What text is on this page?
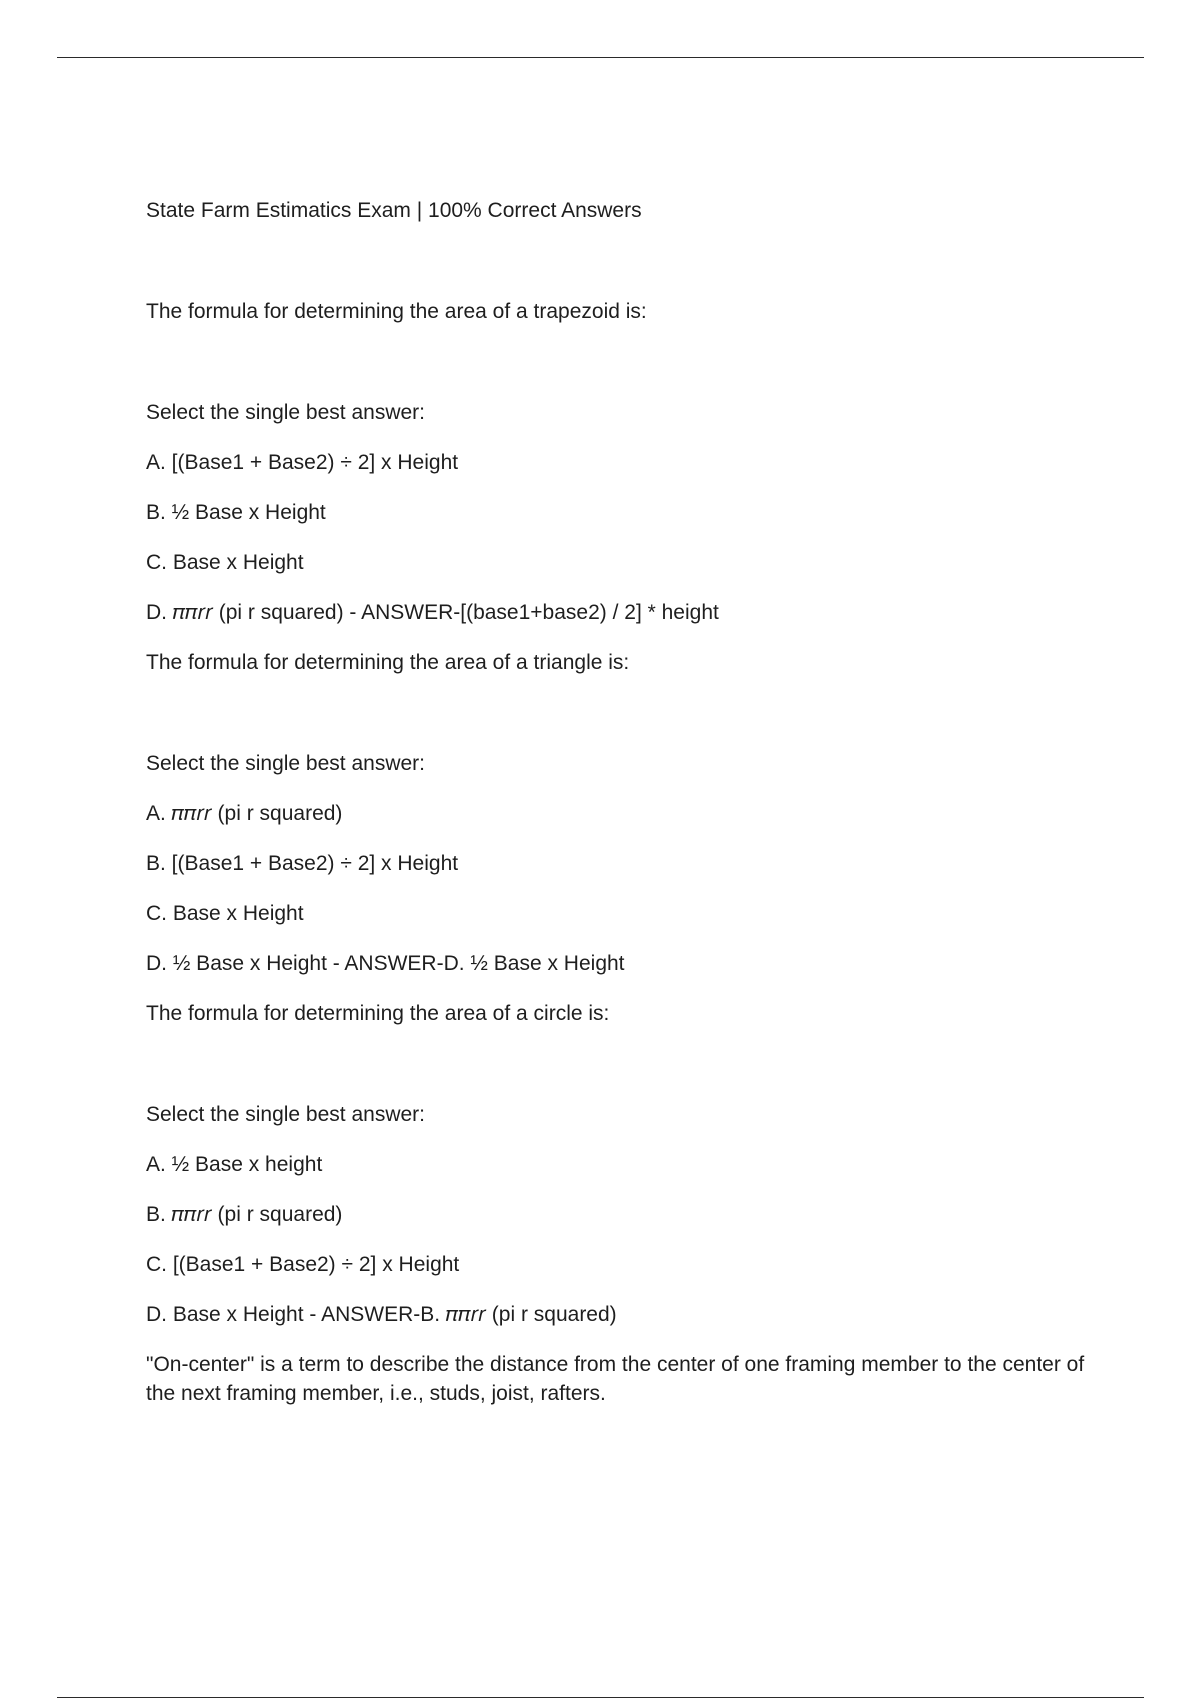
State Farm Estimatics Exam | 100% Correct Answers

The formula for determining the area of a trapezoid is:

Select the single best answer:

A. [(Base1 + Base2) ÷ 2] x Height

B. ½ Base x Height

C. Base x Height

D. 𝜋𝜋𝑟𝑟 (pi r squared) - ANSWER-[(base1+base2) / 2] * height

The formula for determining the area of a triangle is:

Select the single best answer:

A. 𝜋𝜋𝑟𝑟 (pi r squared)

B. [(Base1 + Base2) ÷ 2] x Height

C. Base x Height

D. ½ Base x Height - ANSWER-D. ½ Base x Height

The formula for determining the area of a circle is:

Select the single best answer:

A. ½ Base x height

B. 𝜋𝜋𝑟𝑟 (pi r squared)

C. [(Base1 + Base2) ÷ 2] x Height

D. Base x Height - ANSWER-B. 𝜋𝜋𝑟𝑟 (pi r squared)

"On-center" is a term to describe the distance from the center of one framing member to the center of the next framing member, i.e., studs, joist, rafters.
